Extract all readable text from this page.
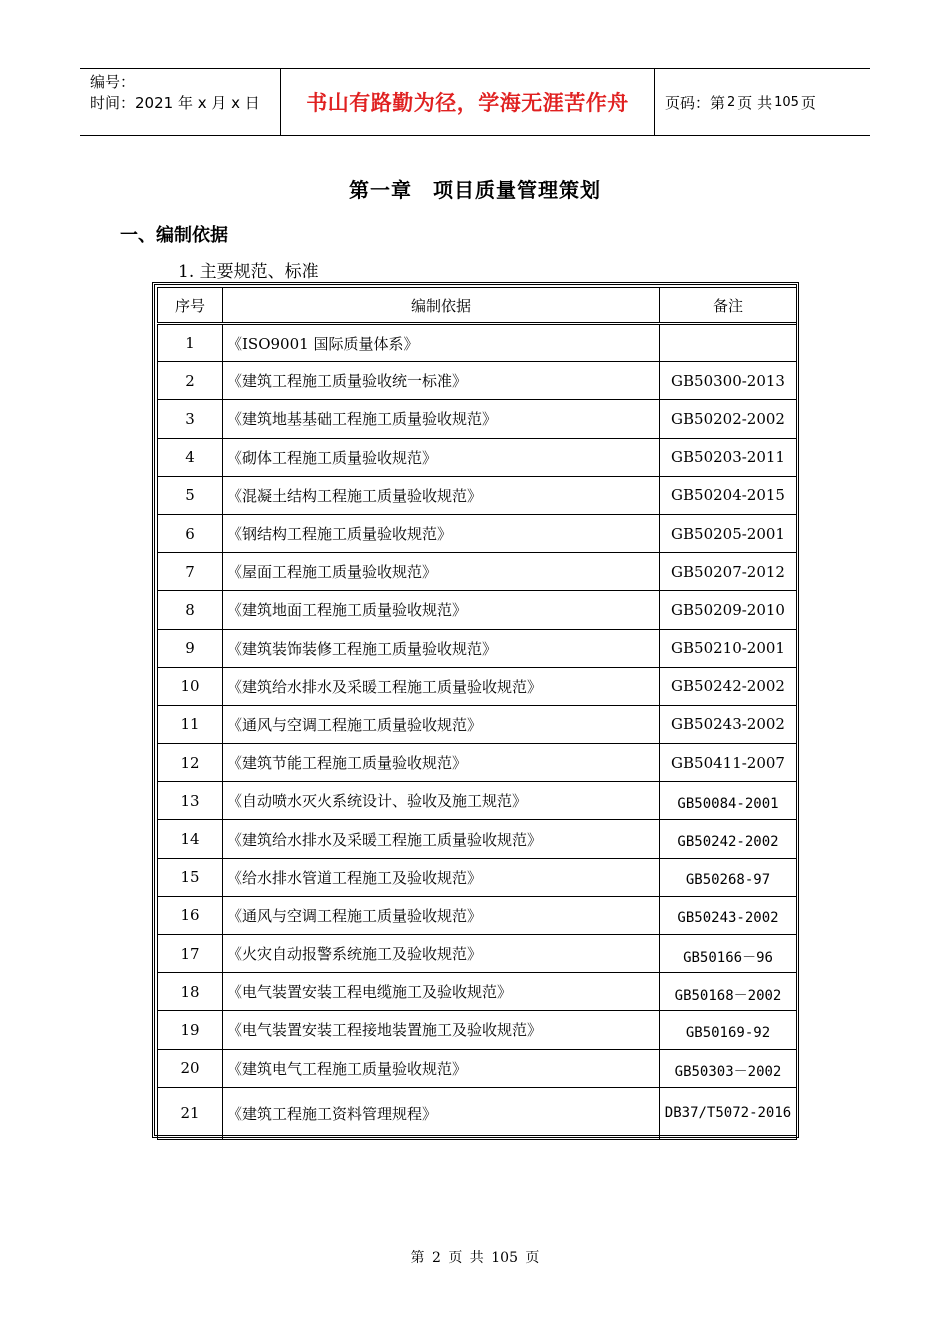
编号：
时间：2021 年 x 月 x 日	书山有路勤为径，学海无涯苦作舟	页码：第 2 页 共 105 页
第一章　项目质量管理策划
一、编制依据
1. 主要规范、标准
序号	编制依据	备注
1	《ISO9001 国际质量体系》	
2	《建筑工程施工质量验收统一标准》	GB50300-2013
3	《建筑地基基础工程施工质量验收规范》	GB50202-2002
4	《砌体工程施工质量验收规范》	GB50203-2011
5	《混凝土结构工程施工质量验收规范》	GB50204-2015
6	《钢结构工程施工质量验收规范》	GB50205-2001
7	《屋面工程施工质量验收规范》	GB50207-2012
8	《建筑地面工程施工质量验收规范》	GB50209-2010
9	《建筑装饰装修工程施工质量验收规范》	GB50210-2001
10	《建筑给水排水及采暖工程施工质量验收规范》	GB50242-2002
11	《通风与空调工程施工质量验收规范》	GB50243-2002
12	《建筑节能工程施工质量验收规范》	GB50411-2007
13	《自动喷水灭火系统设计、验收及施工规范》	GB50084-2001
14	《建筑给水排水及采暖工程施工质量验收规范》	GB50242-2002
15	《给水排水管道工程施工及验收规范》	GB50268-97
16	《通风与空调工程施工质量验收规范》	GB50243-2002
17	《火灾自动报警系统施工及验收规范》	GB50166－96
18	《电气装置安装工程电缆施工及验收规范》	GB50168－2002
19	《电气装置安装工程接地装置施工及验收规范》	GB50169-92
20	《建筑电气工程施工质量验收规范》	GB50303－2002
21	《建筑工程施工资料管理规程》	DB37/T5072-2016
第 2 页 共 105 页
